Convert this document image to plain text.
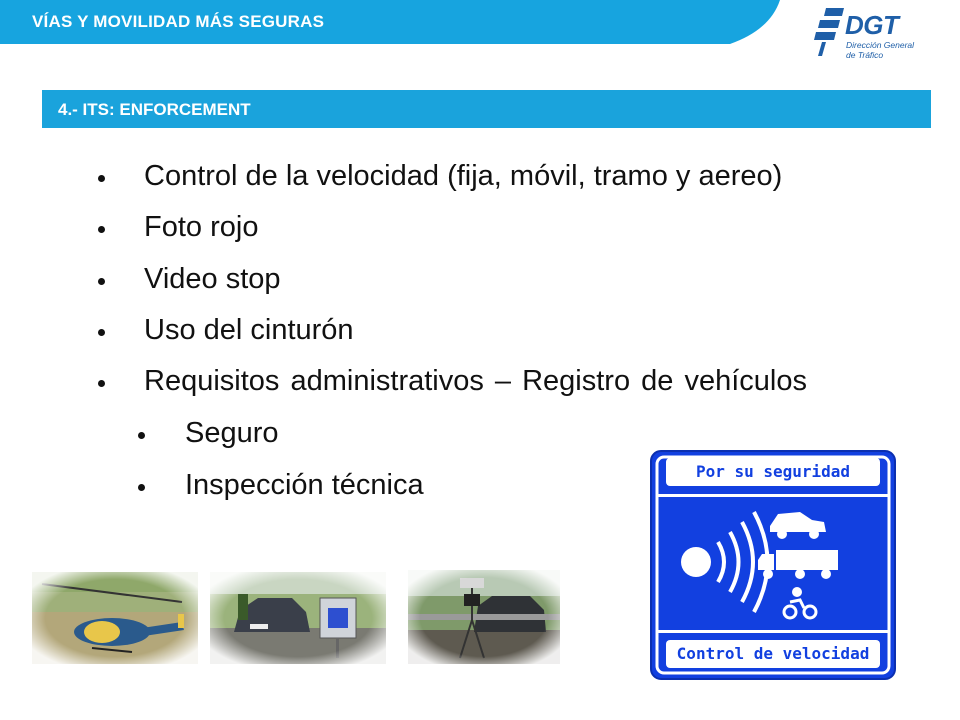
VÍAS Y MOVILIDAD MÁS SEGURAS	DGT
Dirección General
de Tráfico
4.- ITS: ENFORCEMENT
Control de la velocidad (fija, móvil, tramo y aereo)
Foto rojo
Video stop
Uso del cinturón
Requisitos administrativos – Registro de vehículos
Seguro
Inspección técnica	Por su seguridad
Control de velocidad
